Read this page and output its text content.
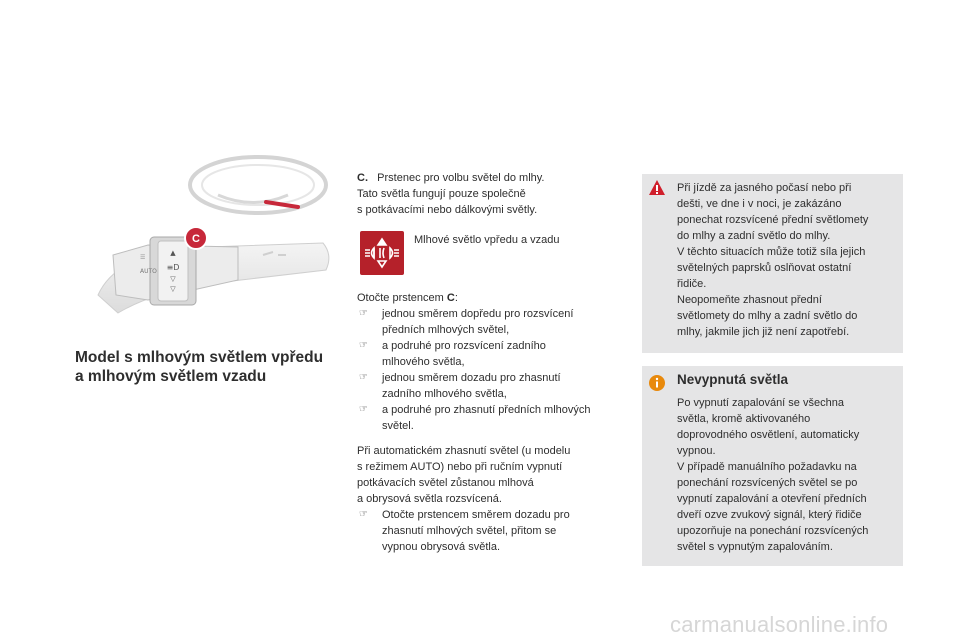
▲
≡D
▽
▽
AUTO
☰
C
Model s mlhovým světlem vpředu
a mlhovým světlem vzadu
C. Prstenec pro volbu světel do mlhy.
Tato světla fungují pouze společně
s potkávacími nebo dálkovými světly.
Mlhové světlo vpředu a vzadu
Otočte prstencem C:
☞ jednou směrem dopředu pro rozsvícení
předních mlhových světel,
☞ a podruhé pro rozsvícení zadního
mlhového světla,
☞ jednou směrem dozadu pro zhasnutí
zadního mlhového světla,
☞ a podruhé pro zhasnutí předních mlhových
světel.
Při automatickém zhasnutí světel (u modelu
s režimem AUTO) nebo při ručním vypnutí
potkávacích světel zůstanou mlhová
a obrysová světla rozsvícená.
☞ Otočte prstencem směrem dozadu pro
zhasnutí mlhových světel, přitom se
vypnou obrysová světla.
Při jízdě za jasného počasí nebo při
dešti, ve dne i v noci, je zakázáno
ponechat rozsvícené přední světlomety
do mlhy a zadní světlo do mlhy.
V těchto situacích může totiž síla jejich
světelných paprsků oslňovat ostatní
řidiče.
Neopomeňte zhasnout přední
světlomety do mlhy a zadní světlo do
mlhy, jakmile jich již není zapotřebí.
Nevypnutá světla
Po vypnutí zapalování se všechna
světla, kromě aktivovaného
doprovodného osvětlení, automaticky
vypnou.
V případě manuálního požadavku na
ponechání rozsvícených světel se po
vypnutí zapalování a otevření předních
dveří ozve zvukový signál, který řidiče
upozorňuje na ponechání rozsvícených
světel s vypnutým zapalováním.
carmanualsonline.info
